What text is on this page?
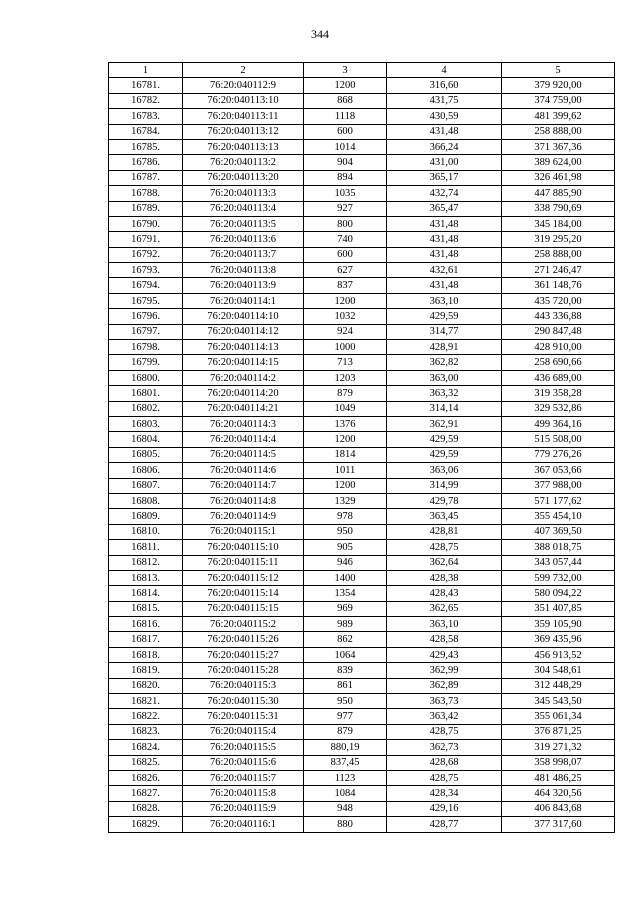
344
1	2	3	4	5
16781.	76:20:040112:9	1200	316,60	379 920,00
16782.	76:20:040113:10	868	431,75	374 759,00
16783.	76:20:040113:11	1118	430,59	481 399,62
16784.	76:20:040113:12	600	431,48	258 888,00
16785.	76:20:040113:13	1014	366,24	371 367,36
16786.	76:20:040113:2	904	431,00	389 624,00
16787.	76:20:040113:20	894	365,17	326 461,98
16788.	76:20:040113:3	1035	432,74	447 885,90
16789.	76:20:040113:4	927	365,47	338 790,69
16790.	76:20:040113:5	800	431,48	345 184,00
16791.	76:20:040113:6	740	431,48	319 295,20
16792.	76:20:040113:7	600	431,48	258 888,00
16793.	76:20:040113:8	627	432,61	271 246,47
16794.	76:20:040113:9	837	431,48	361 148,76
16795.	76:20:040114:1	1200	363,10	435 720,00
16796.	76:20:040114:10	1032	429,59	443 336,88
16797.	76:20:040114:12	924	314,77	290 847,48
16798.	76:20:040114:13	1000	428,91	428 910,00
16799.	76:20:040114:15	713	362,82	258 690,66
16800.	76:20:040114:2	1203	363,00	436 689,00
16801.	76:20:040114:20	879	363,32	319 358,28
16802.	76:20:040114:21	1049	314,14	329 532,86
16803.	76:20:040114:3	1376	362,91	499 364,16
16804.	76:20:040114:4	1200	429,59	515 508,00
16805.	76:20:040114:5	1814	429,59	779 276,26
16806.	76:20:040114:6	1011	363,06	367 053,66
16807.	76:20:040114:7	1200	314,99	377 988,00
16808.	76:20:040114:8	1329	429,78	571 177,62
16809.	76:20:040114:9	978	363,45	355 454,10
16810.	76:20:040115:1	950	428,81	407 369,50
16811.	76:20:040115:10	905	428,75	388 018,75
16812.	76:20:040115:11	946	362,64	343 057,44
16813.	76:20:040115:12	1400	428,38	599 732,00
16814.	76:20:040115:14	1354	428,43	580 094,22
16815.	76:20:040115:15	969	362,65	351 407,85
16816.	76:20:040115:2	989	363,10	359 105,90
16817.	76:20:040115:26	862	428,58	369 435,96
16818.	76:20:040115:27	1064	429,43	456 913,52
16819.	76:20:040115:28	839	362,99	304 548,61
16820.	76:20:040115:3	861	362,89	312 448,29
16821.	76:20:040115:30	950	363,73	345 543,50
16822.	76:20:040115:31	977	363,42	355 061,34
16823.	76:20:040115:4	879	428,75	376 871,25
16824.	76:20:040115:5	880,19	362,73	319 271,32
16825.	76:20:040115:6	837,45	428,68	358 998,07
16826.	76:20:040115:7	1123	428,75	481 486,25
16827.	76:20:040115:8	1084	428,34	464 320,56
16828.	76:20:040115:9	948	429,16	406 843,68
16829.	76:20:040116:1	880	428,77	377 317,60
